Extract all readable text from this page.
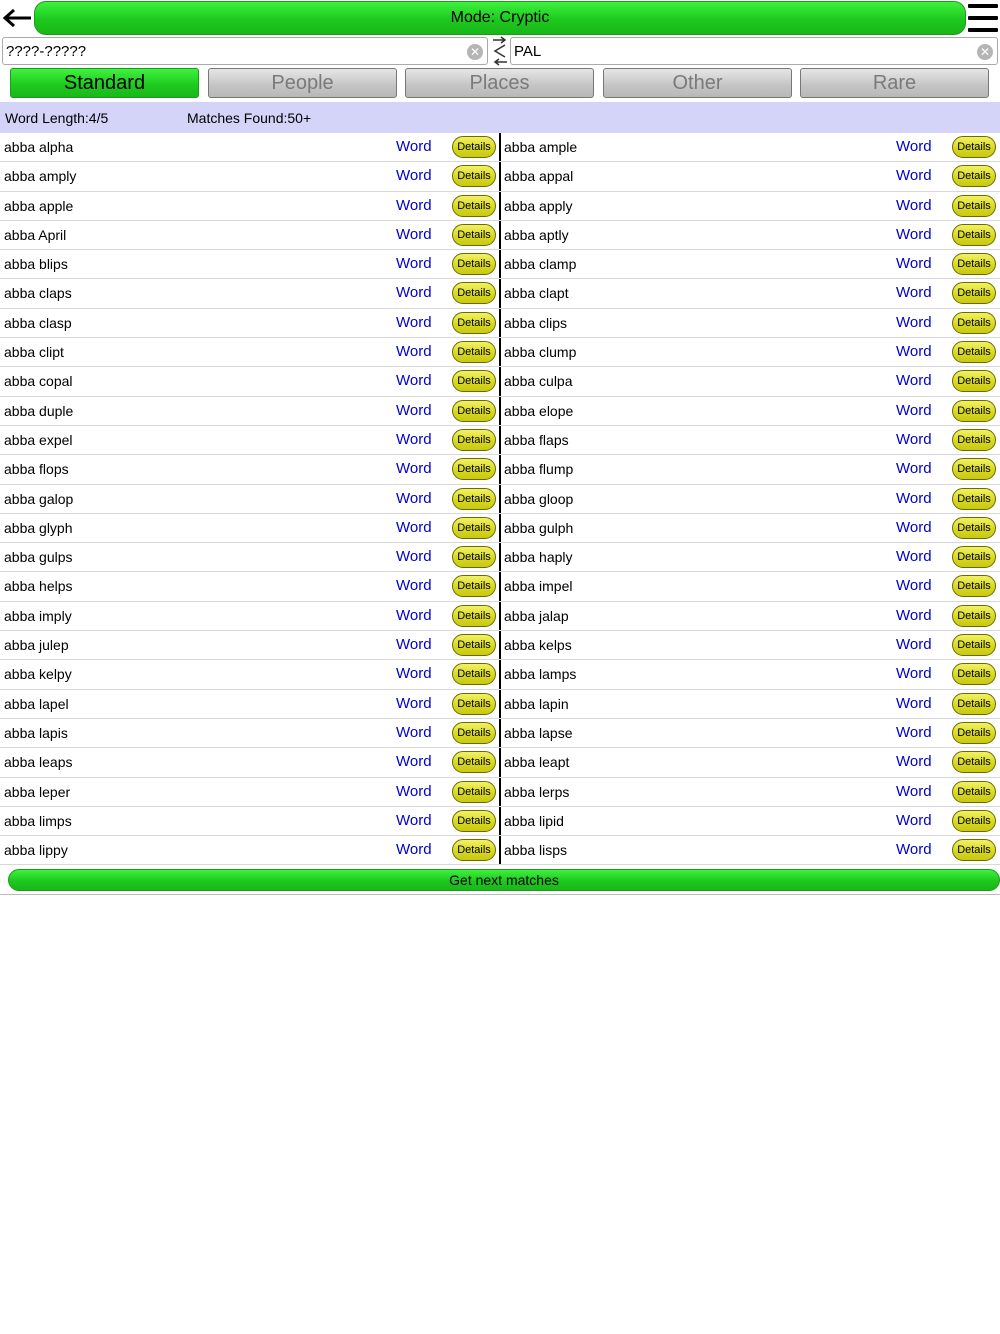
Mode: Cryptic
????-?????
✕
PAL	✕
Standard	People	Places	Other	Rare
Word Length:4/5	Matches Found:50+
abba alpha	Word	Details abba ample	Word	Details
abba amply	Word	Details abba appal	Word	Details
abba apple	Word	Details abba apply	Word	Details
abba April	Word	Details abba aptly	Word	Details
abba blips	Word	Details abba clamp	Word	Details
abba claps	Word	Details abba clapt	Word	Details
abba clasp	Word	Details abba clips	Word	Details
abba clipt	Word	Details abba clump	Word	Details
abba copal	Word	Details abba culpa	Word	Details
abba duple	Word	Details abba elope	Word	Details
abba expel	Word	Details abba flaps	Word	Details
abba flops	Word	Details abba flump	Word	Details
abba galop	Word	Details abba gloop	Word	Details
abba glyph	Word	Details abba gulph	Word	Details
abba gulps	Word	Details abba haply	Word	Details
abba helps	Word	Details abba impel	Word	Details
abba imply	Word	Details abba jalap	Word	Details
abba julep	Word	Details abba kelps	Word	Details
abba kelpy	Word	Details abba lamps	Word	Details
abba lapel	Word	Details abba lapin	Word	Details
abba lapis	Word	Details abba lapse	Word	Details
abba leaps	Word	Details abba leapt	Word	Details
abba leper	Word	Details abba lerps	Word	Details
abba limps	Word	Details abba lipid	Word	Details
abba lippy	Word	Details abba lisps	Word	Details
Get next matches
